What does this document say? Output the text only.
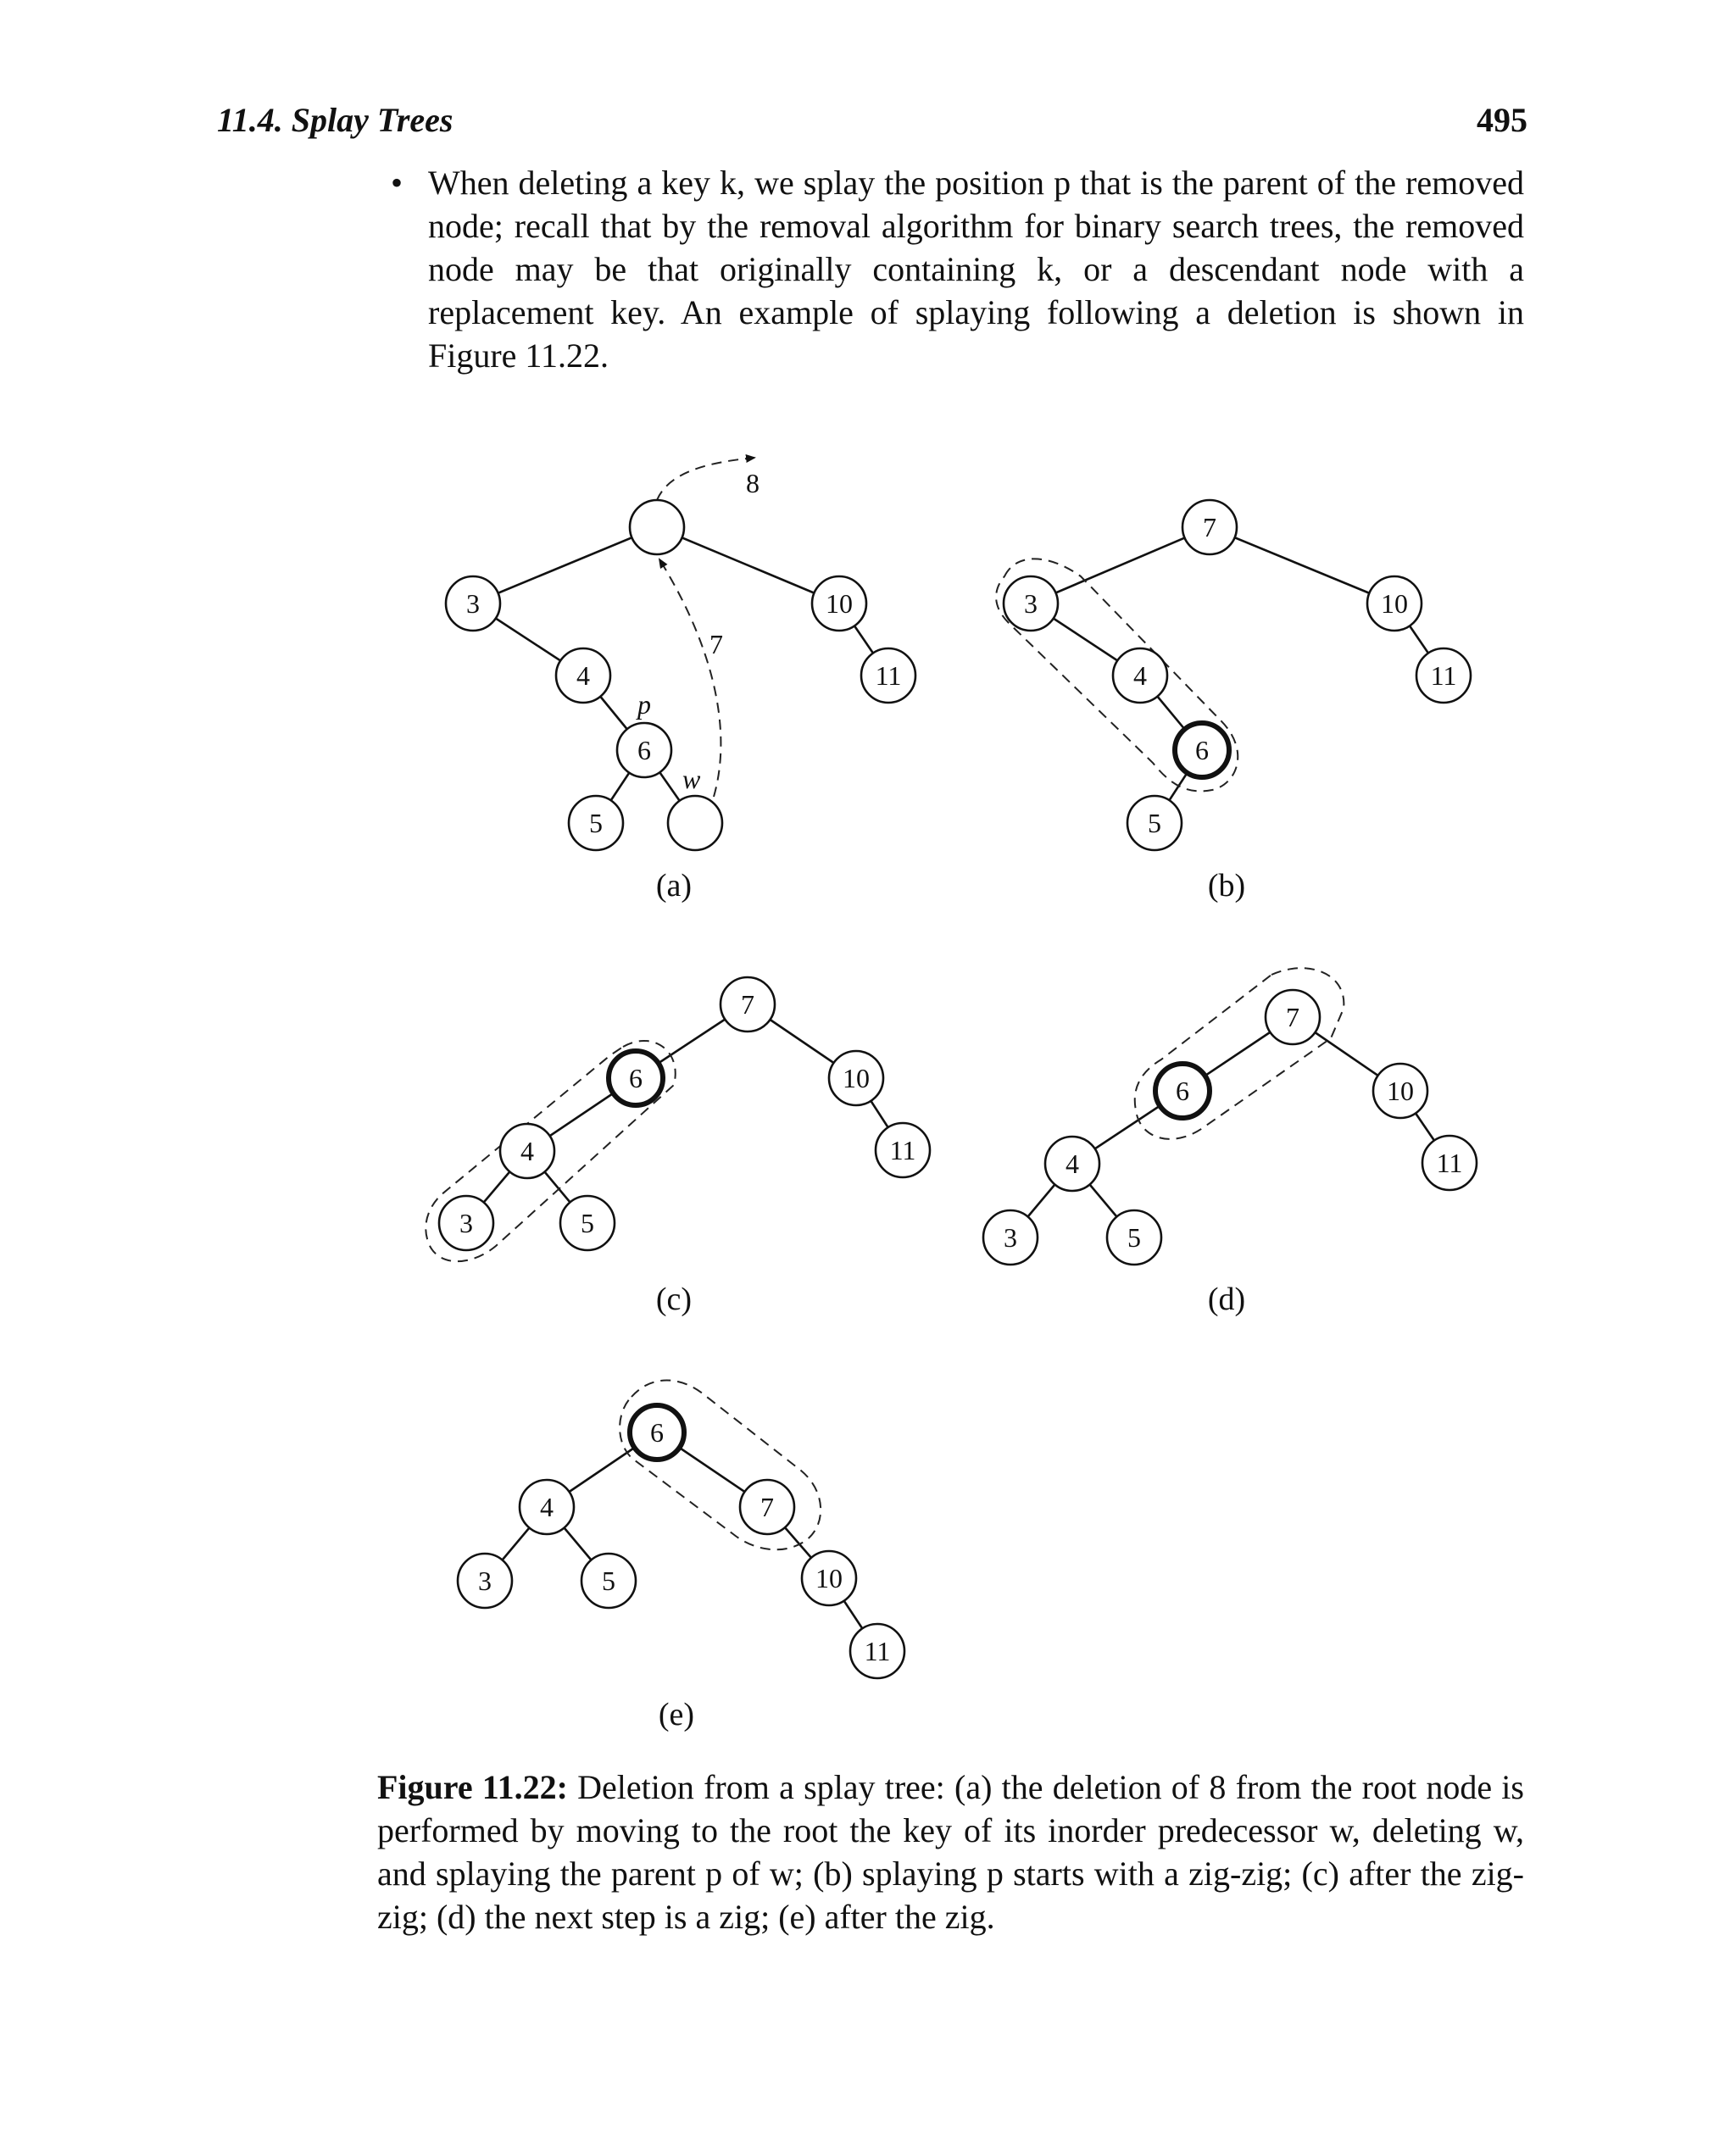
11.4. Splay Trees	495
• When deleting a key k, we splay the position p that is the parent of the removed node; recall that by the removal algorithm for binary search trees, the removed node may be that originally containing k, or a descendant node with a replacement key. An example of splaying following a deletion is shown in Figure 11.22.

3
4
6
5
10
11
8
7
p
w
(a)
7
3	10
4	11
6
5
(b)
7
6	10
4	11
3	5
(c)
7
6	10
4	11
3	5
(d)
6
4	7
3	5	10
11
(e)

Figure 11.22: Deletion from a splay tree: (a) the deletion of 8 from the root node is performed by moving to the root the key of its inorder predecessor w, deleting w, and splaying the parent p of w; (b) splaying p starts with a zig-zig; (c) after the zig-zig; (d) the next step is a zig; (e) after the zig.
